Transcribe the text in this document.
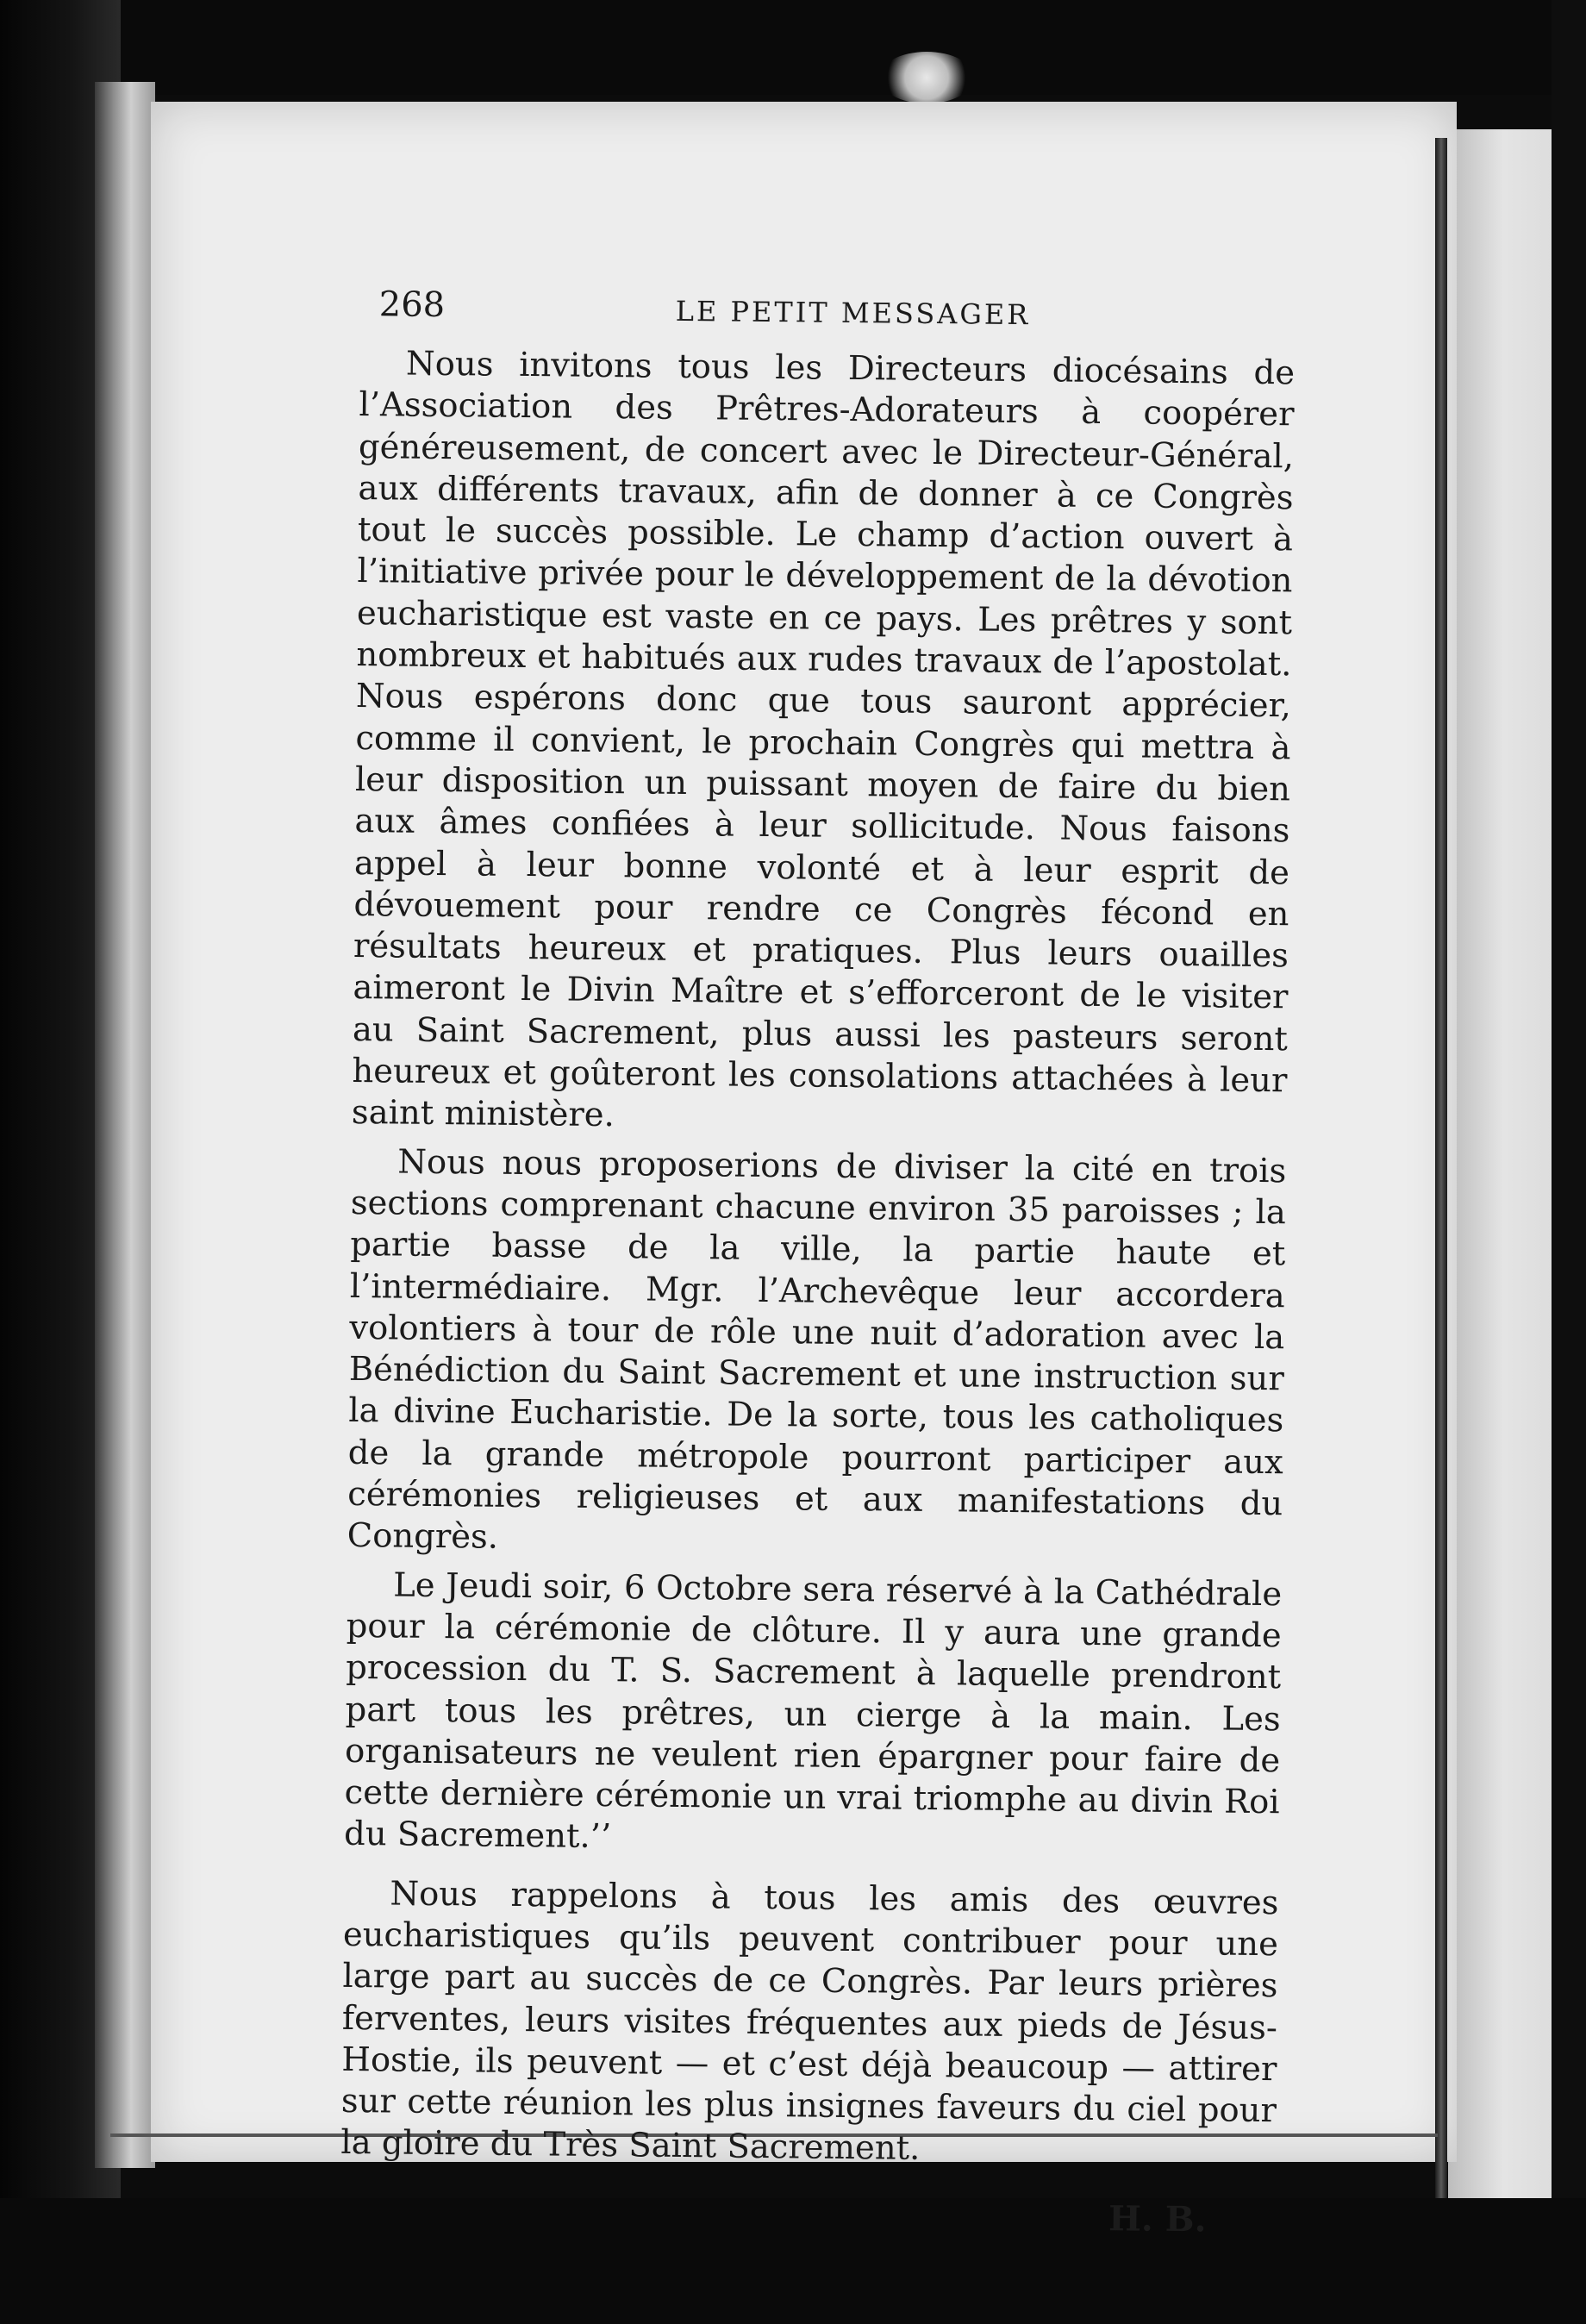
268	LE PETIT MESSAGER

Nous invitons tous les Directeurs diocésains de l’Association des Prêtres-Adorateurs à coopérer généreusement, de concert avec le Directeur-Général, aux différents travaux, afin de donner à ce Congrès tout le succès possible. Le champ d’action ouvert à l’initiative privée pour le développement de la dévotion eucharistique est vaste en ce pays. Les prêtres y sont nombreux et habitués aux rudes travaux de l’apostolat. Nous espérons donc que tous sauront apprécier, comme il convient, le prochain Congrès qui mettra à leur disposition un puissant moyen de faire du bien aux âmes confiées à leur sollicitude. Nous faisons appel à leur bonne volonté et à leur esprit de dévouement pour rendre ce Congrès fécond en résultats heureux et pratiques. Plus leurs ouailles aimeront le Divin Maître et s’efforceront de le visiter au Saint Sacrement, plus aussi les pasteurs seront heureux et goûteront les consolations attachées à leur saint ministère.

Nous nous proposerions de diviser la cité en trois sections comprenant chacune environ 35 paroisses ; la partie basse de la ville, la partie haute et l’intermédiaire. Mgr. l’Archevêque leur accordera volontiers à tour de rôle une nuit d’adoration avec la Bénédiction du Saint Sacrement et une instruction sur la divine Eucharistie. De la sorte, tous les catholiques de la grande métropole pourront participer aux cérémonies religieuses et aux manifestations du Congrès.

Le Jeudi soir, 6 Octobre sera réservé à la Cathédrale pour la cérémonie de clôture. Il y aura une grande procession du T. S. Sacrement à laquelle prendront part tous les prêtres, un cierge à la main. Les organisateurs ne veulent rien épargner pour faire de cette dernière cérémonie un vrai triomphe au divin Roi du Sacrement.’’

Nous rappelons à tous les amis des œuvres eucharistiques qu’ils peuvent contribuer pour une large part au succès de ce Congrès. Par leurs prières ferventes, leurs visites fréquentes aux pieds de Jésus-Hostie, ils peuvent — et c’est déjà beaucoup — attirer sur cette réunion les plus insignes faveurs du ciel pour la gloire du Très Saint Sacrement.

H. B.
